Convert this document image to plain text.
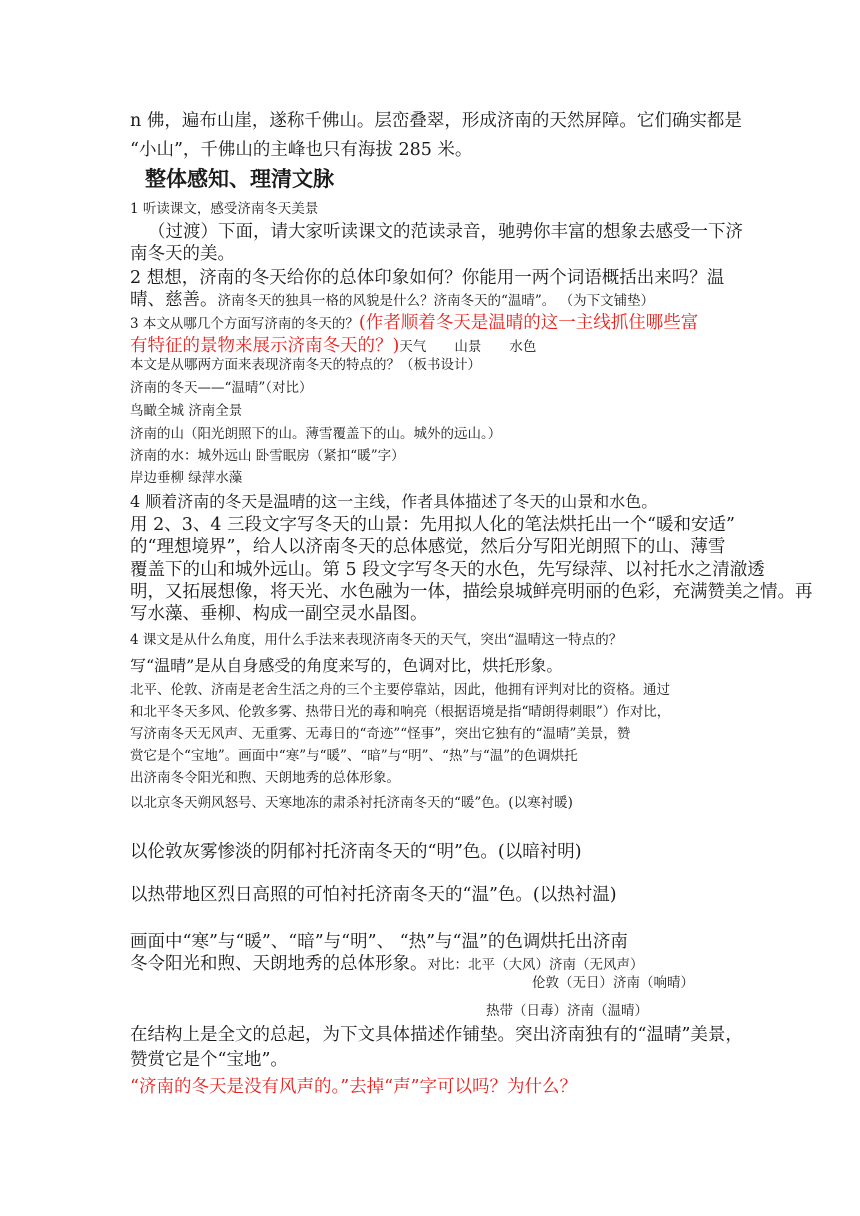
n 佛，遍布山崖，遂称千佛山。层峦叠翠，形成济南的天然屏障。它们确实都是
“小山”，千佛山的主峰也只有海拔 285 米。
整体感知、理清文脉
1 听读课文，感受济南冬天美景
（过渡）下面，请大家听读课文的范读录音，驰骋你丰富的想象去感受一下济
南冬天的美。
2 想想，济南的冬天给你的总体印象如何？你能用一两个词语概括出来吗？温
晴、慈善。济南冬天的独具一格的风貌是什么？济南冬天的“温晴”。 （为下文铺垫）
3 本文从哪几个方面写济南的冬天的？(作者顺着冬天是温晴的这一主线抓住哪些富
有特征的景物来展示济南冬天的？)天气 山景 水色
本文是从哪两方面来表现济南冬天的特点的？（板书设计）
济南的冬天——“温晴”（对比）
鸟瞰全城 济南全景
济南的山（阳光朗照下的山。薄雪覆盖下的山。城外的远山。）
济南的水：城外远山 卧雪眠房（紧扣“暖”字）
岸边垂柳 绿萍水藻
4 顺着济南的冬天是温晴的这一主线，作者具体描述了冬天的山景和水色。
用 2、3、4 三段文字写冬天的山景：先用拟人化的笔法烘托出一个“暖和安适”
的“理想境界”，给人以济南冬天的总体感觉，然后分写阳光朗照下的山、薄雪
覆盖下的山和城外远山。第 5 段文字写冬天的水色，先写绿萍、以衬托水之清澈透
明，又拓展想像，将天光、水色融为一体，描绘泉城鲜亮明丽的色彩，充满赞美之情。再
写水藻、垂柳、构成一副空灵水晶图。
4 课文是从什么角度，用什么手法来表现济南冬天的天气，突出“温晴这一特点的？
写“温晴”是从自身感受的角度来写的，色调对比，烘托形象。
北平、伦敦、济南是老舍生活之舟的三个主要停靠站，因此，他拥有评判对比的资格。通过
和北平冬天多风、伦敦多雾、热带日光的毒和响亮（根据语境是指“晴朗得刺眼”）作对比，
写济南冬天无风声、无重雾、无毒日的“奇迹”“怪事”，突出它独有的“温晴”美景，赞
赏它是个“宝地”。画面中“寒”与“暖”、“暗”与“明”、“热”与“温”的色调烘托
出济南冬令阳光和煦、天朗地秀的总体形象。
以北京冬天朔风怒号、天寒地冻的肃杀衬托济南冬天的“暖”色。(以寒衬暖)
以伦敦灰雾惨淡的阴郁衬托济南冬天的“明”色。(以暗衬明)
以热带地区烈日高照的可怕衬托济南冬天的“温”色。(以热衬温)
画面中“寒”与“暖”、“暗”与“明”、 “热”与“温”的色调烘托出济南
冬令阳光和煦、天朗地秀的总体形象。对比：北平（大风）济南（无风声）
伦敦（无日）济南（响晴）
热带（日毒）济南（温晴）
在结构上是全文的总起，为下文具体描述作铺垫。突出济南独有的“温晴”美景，
赞赏它是个“宝地”。
“济南的冬天是没有风声的。”去掉“声”字可以吗？为什么？
